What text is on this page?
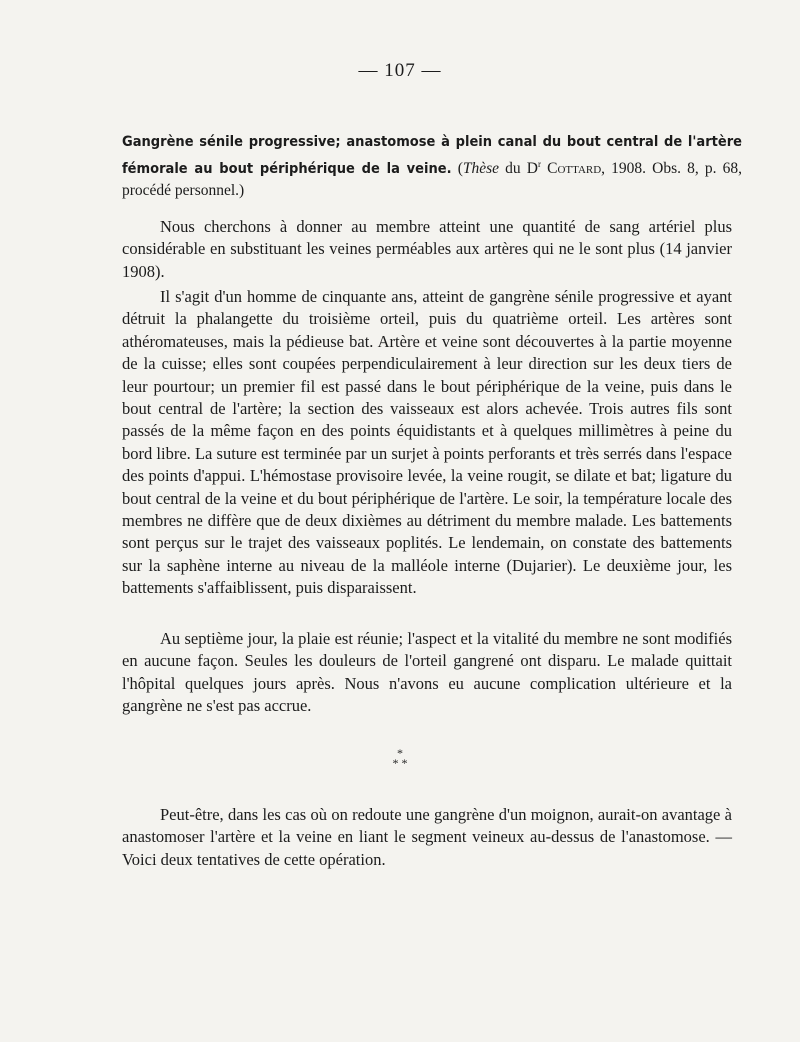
— 107 —
Gangrène sénile progressive; anastomose à plein canal du bout central de l'artère fémorale au bout périphérique de la veine. (Thèse du $D^r$ Cottard, 1908. Obs. 8, p. 68, procédé personnel.)

Nous cherchons à donner au membre atteint une quantité de sang artériel plus considérable en substituant les veines perméables aux artères qui ne le sont plus (14 janvier 1908).

Il s'agit d'un homme de cinquante ans, atteint de gangrène sénile progressive et ayant détruit la phalangette du troisième orteil, puis du quatrième orteil. Les artères sont athéromateuses, mais la pédieuse bat. Artère et veine sont découvertes à la partie moyenne de la cuisse; elles sont coupées perpendiculairement à leur direction sur les deux tiers de leur pourtour; un premier fil est passé dans le bout périphérique de la veine, puis dans le bout central de l'artère; la section des vaisseaux est alors achevée. Trois autres fils sont passés de la même façon en des points équidistants et à quelques millimètres à peine du bord libre. La suture est terminée par un surjet à points perforants et très serrés dans l'espace des points d'appui. L'hémostase provisoire levée, la veine rougit, se dilate et bat; ligature du bout central de la veine et du bout périphérique de l'artère. Le soir, la température locale des membres ne diffère que de deux dixièmes au détriment du membre malade. Les battements sont perçus sur le trajet des vaisseaux poplités. Le lendemain, on constate des battements sur la saphène interne au niveau de la malléole interne (Dujarier). Le deuxième jour, les battements s'affaiblissent, puis disparaissent.

Au septième jour, la plaie est réunie; l'aspect et la vitalité du membre ne sont modifiés en aucune façon. Seules les douleurs de l'orteil gangrené ont disparu. Le malade quittait l'hôpital quelques jours après. Nous n'avons eu aucune complication ultérieure et la gangrène ne s'est pas accrue.

*
* *

Peut-être, dans les cas où on redoute une gangrène d'un moignon, aurait-on avantage à anastomoser l'artère et la veine en liant le segment veineux au-dessus de l'anastomose. — Voici deux tentatives de cette opération.
